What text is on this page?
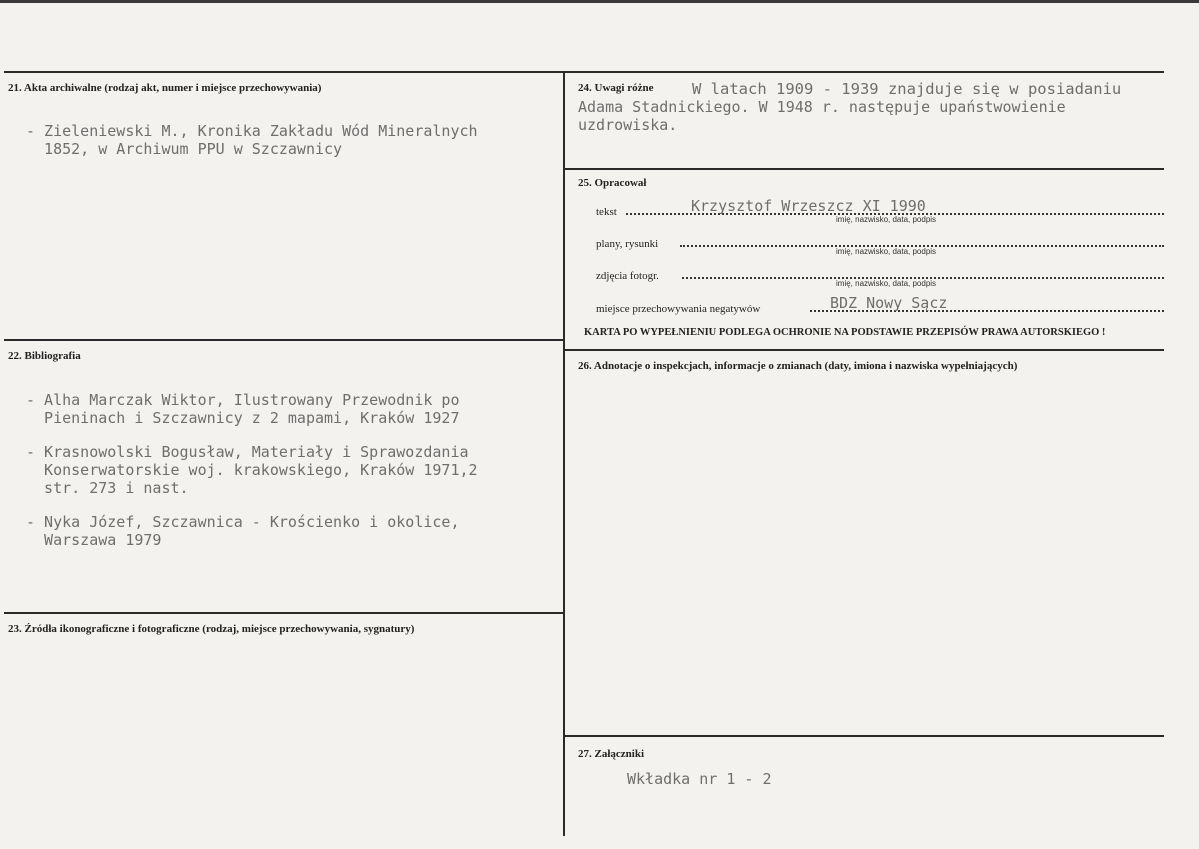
21. Akta archiwalne (rodzaj akt, numer i miejsce przechowywania)
- Zieleniewski M., Kronika Zakładu Wód Mineralnych
1852, w Archiwum PPU w Szczawnicy
22. Bibliografia
- Alha Marczak Wiktor, Ilustrowany Przewodnik po
Pieninach i Szczawnicy z 2 mapami, Kraków 1927
- Krasnowolski Bogusław, Materiały i Sprawozdania
Konserwatorskie woj. krakowskiego, Kraków 1971,2
str. 273 i nast.
- Nyka Józef, Szczawnica - Krościenko i okolice,
Warszawa 1979
23. Źródła ikonograficzne i fotograficzne (rodzaj, miejsce przechowywania, sygnatury)
24. Uwagi różne W latach 1909 - 1939 znajduje się w posiadaniu
Adama Stadnickiego. W 1948 r. następuje upaństwowienie
uzdrowiska.
25. Opracował
tekst	Krzysztof Wrzeszcz XI 1990
imię, nazwisko, data, podpis
plany, rysunki
imię, nazwisko, data, podpis
zdjęcia fotogr.
imię, nazwisko, data, podpis
miejsce przechowywania negatywów	BDZ Nowy Sącz
KARTA PO WYPEŁNIENIU PODLEGA OCHRONIE NA PODSTAWIE PRZEPISÓW PRAWA AUTORSKIEGO !
26. Adnotacje o inspekcjach, informacje o zmianach (daty, imiona i nazwiska wypełniających)
27. Załączniki
Wkładka nr 1 - 2
